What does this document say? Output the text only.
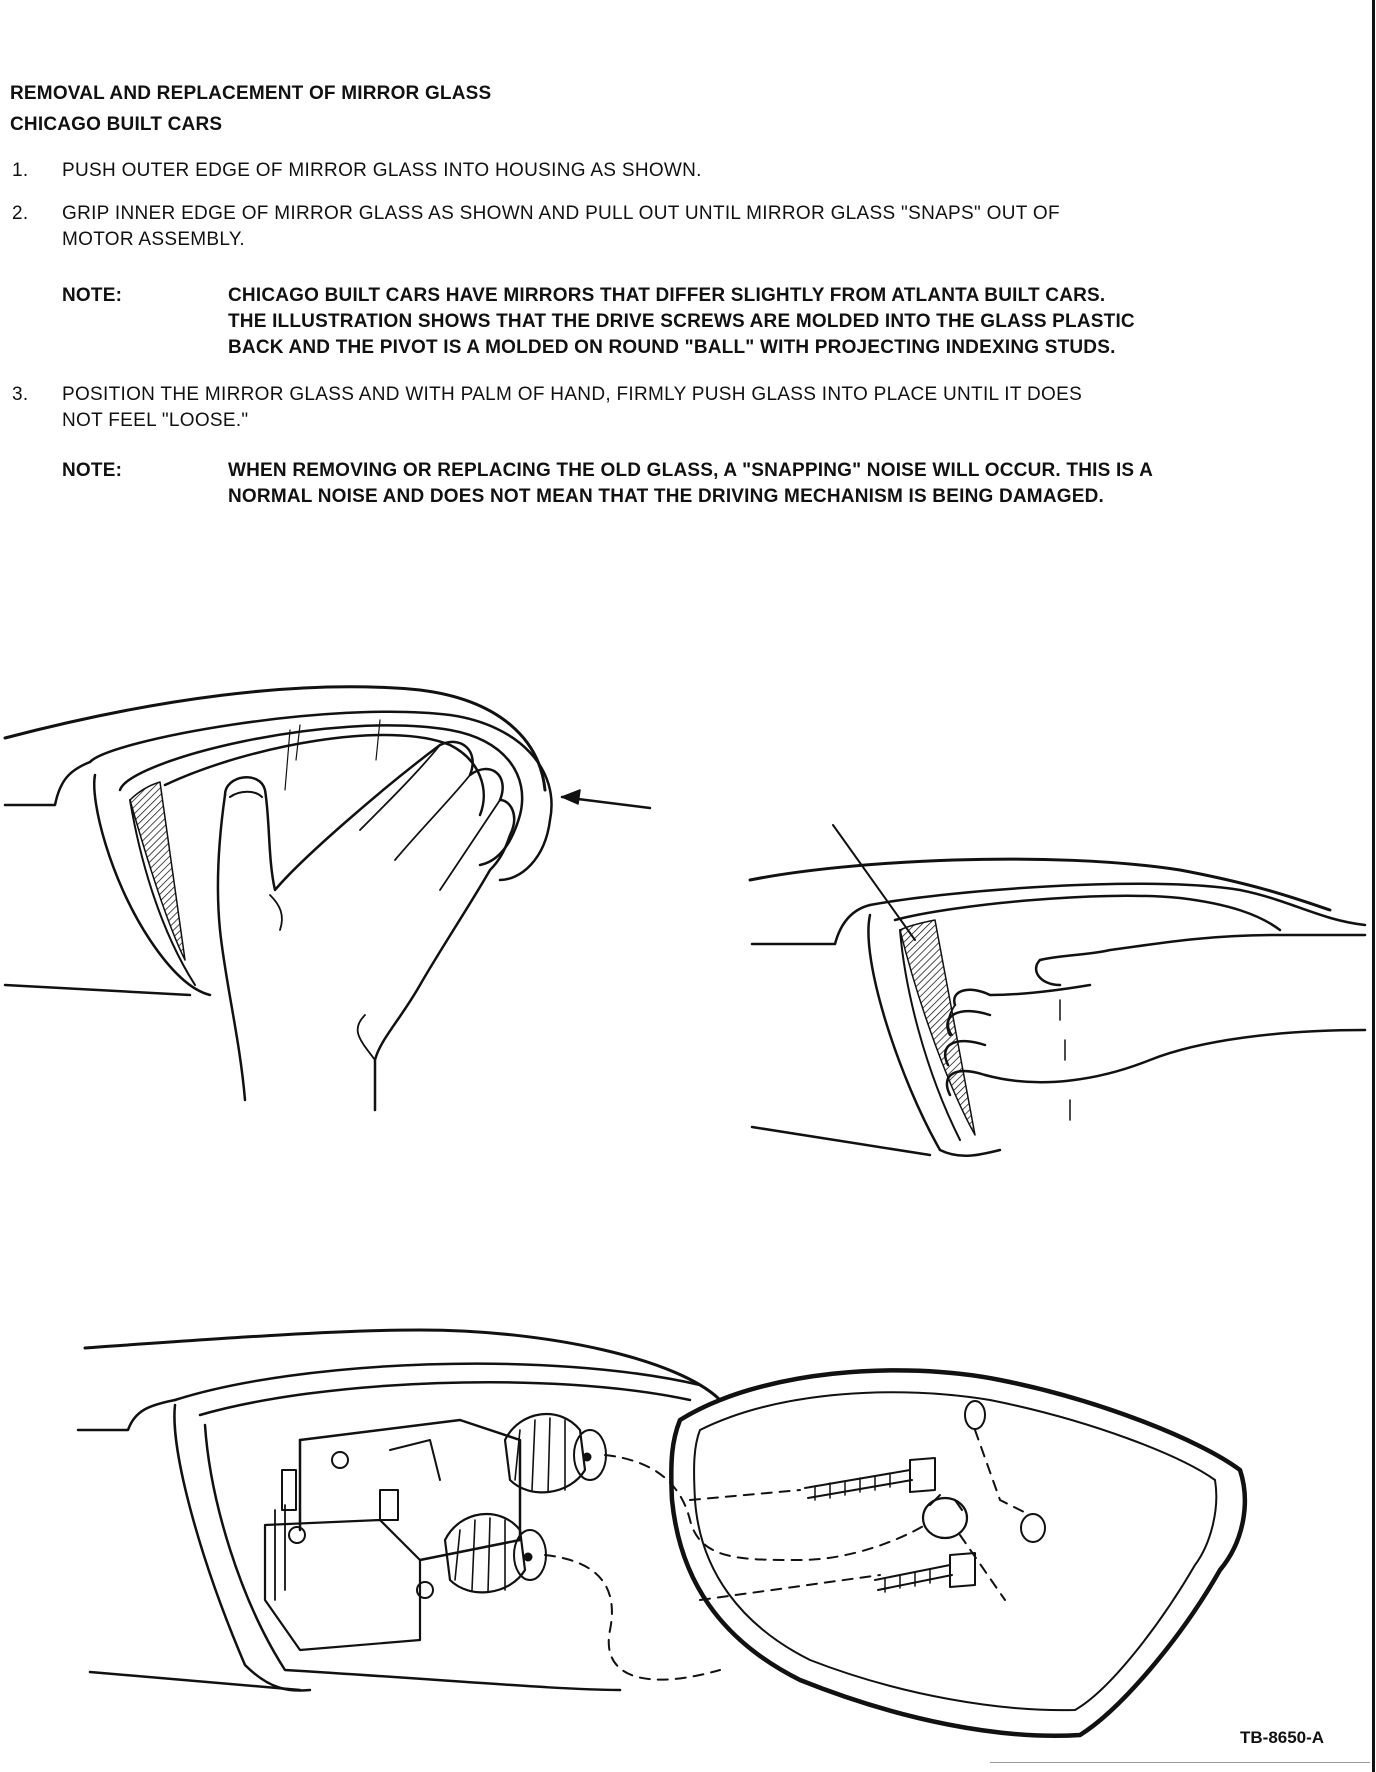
REMOVAL AND REPLACEMENT OF MIRROR GLASS
CHICAGO BUILT CARS
1. PUSH OUTER EDGE OF MIRROR GLASS INTO HOUSING AS SHOWN.
2. GRIP INNER EDGE OF MIRROR GLASS AS SHOWN AND PULL OUT UNTIL MIRROR GLASS "SNAPS" OUT OF
MOTOR ASSEMBLY.
NOTE:	CHICAGO BUILT CARS HAVE MIRRORS THAT DIFFER SLIGHTLY FROM ATLANTA BUILT CARS.
THE ILLUSTRATION SHOWS THAT THE DRIVE SCREWS ARE MOLDED INTO THE GLASS PLASTIC
BACK AND THE PIVOT IS A MOLDED ON ROUND "BALL" WITH PROJECTING INDEXING STUDS.
3. POSITION THE MIRROR GLASS AND WITH PALM OF HAND, FIRMLY PUSH GLASS INTO PLACE UNTIL IT DOES
NOT FEEL "LOOSE."
NOTE:	WHEN REMOVING OR REPLACING THE OLD GLASS, A "SNAPPING" NOISE WILL OCCUR. THIS IS A
NORMAL NOISE AND DOES NOT MEAN THAT THE DRIVING MECHANISM IS BEING DAMAGED.
TB-8650-A
